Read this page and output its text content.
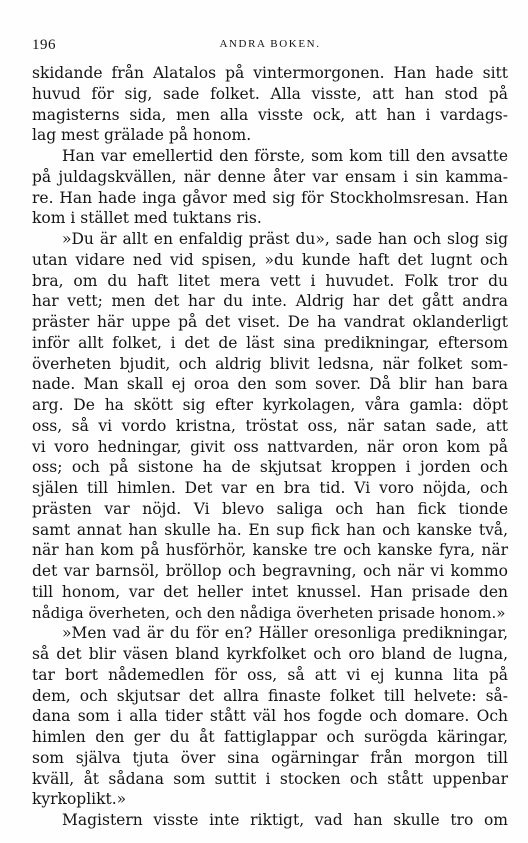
196	ANDRA BOKEN.
skidande från Alatalos på vintermorgonen. Han hade sitt
huvud för sig, sade folket. Alla visste, att han stod på
magisterns sida, men alla visste ock, att han i vardags-
lag mest grälade på honom.
Han var emellertid den förste, som kom till den avsatte
på juldagskvällen, när denne åter var ensam i sin kamma-
re. Han hade inga gåvor med sig för Stockholmsresan. Han
kom i stället med tuktans ris.
»Du är allt en enfaldig präst du», sade han och slog sig
utan vidare ned vid spisen, »du kunde haft det lugnt och
bra, om du haft litet mera vett i huvudet. Folk tror du
har vett; men det har du inte. Aldrig har det gått andra
präster här uppe på det viset. De ha vandrat oklanderligt
inför allt folket, i det de läst sina predikningar, eftersom
överheten bjudit, och aldrig blivit ledsna, när folket som-
nade. Man skall ej oroa den som sover. Då blir han bara
arg. De ha skött sig efter kyrkolagen, våra gamla: döpt
oss, så vi vordo kristna, tröstat oss, när satan sade, att
vi voro hedningar, givit oss nattvarden, när oron kom på
oss; och på sistone ha de skjutsat kroppen i jorden och
själen till himlen. Det var en bra tid. Vi voro nöjda, och
prästen var nöjd. Vi blevo saliga och han fick tionde
samt annat han skulle ha. En sup fick han och kanske två,
när han kom på husförhör, kanske tre och kanske fyra, när
det var barnsöl, bröllop och begravning, och när vi kommo
till honom, var det heller intet knussel. Han prisade den
nådiga överheten, och den nådiga överheten prisade honom.»
»Men vad är du för en? Häller oresonliga predikningar,
så det blir väsen bland kyrkfolket och oro bland de lugna,
tar bort nådemedlen för oss, så att vi ej kunna lita på
dem, och skjutsar det allra finaste folket till helvete: så-
dana som i alla tider stått väl hos fogde och domare. Och
himlen den ger du åt fattiglappar och surögda käringar,
som själva tjuta över sina ogärningar från morgon till
kväll, åt sådana som suttit i stocken och stått uppenbar
kyrkoplikt.»
Magistern visste inte riktigt, vad han skulle tro om
